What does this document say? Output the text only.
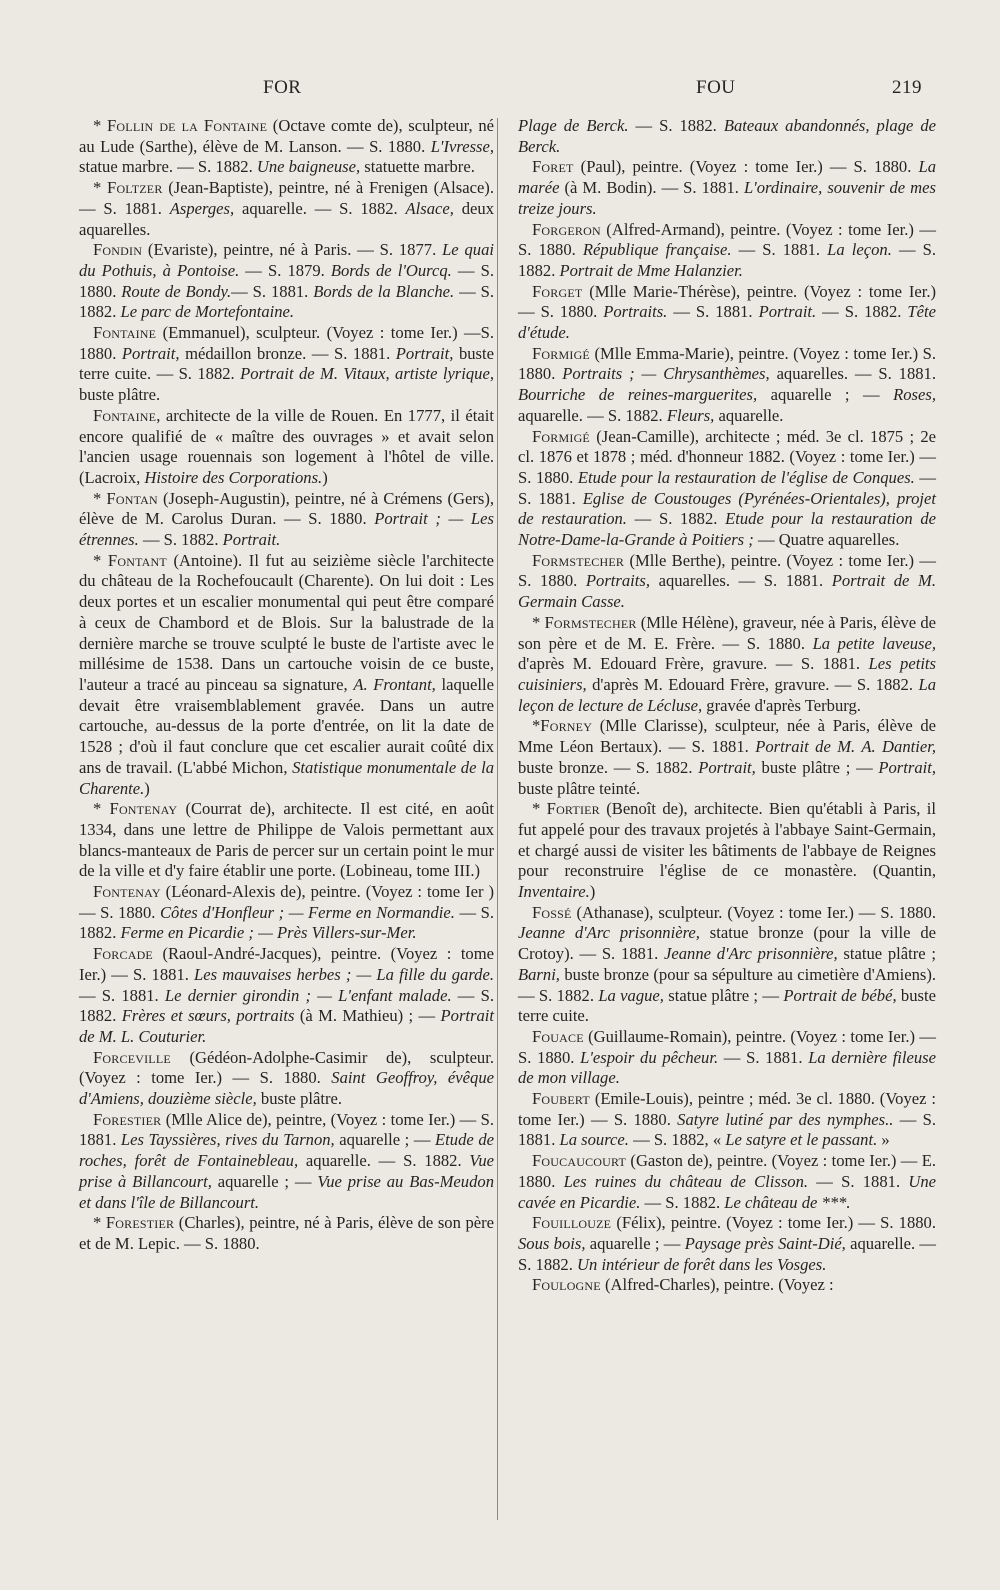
FOR	FOU	219

* Follin de la Fontaine (Octave comte de), sculpteur, né au Lude (Sarthe), élève de M. Lanson. — S. 1880. L'Ivresse, statue marbre. — S. 1882. Une baigneuse, statuette marbre.

* Foltzer (Jean-Baptiste), peintre, né à Frenigen (Alsace). — S. 1881. Asperges, aquarelle. — S. 1882. Alsace, deux aquarelles.

Fondin (Evariste), peintre, né à Paris. — S. 1877. Le quai du Pothuis, à Pontoise. — S. 1879. Bords de l'Ourcq. — S. 1880. Route de Bondy.— S. 1881. Bords de la Blanche. — S. 1882. Le parc de Mortefontaine.

Fontaine (Emmanuel), sculpteur. (Voyez : tome Ier.) —S. 1880. Portrait, médaillon bronze. — S. 1881. Portrait, buste terre cuite. — S. 1882. Portrait de M. Vitaux, artiste lyrique, buste plâtre.

Fontaine, architecte de la ville de Rouen. En 1777, il était encore qualifié de « maître des ouvrages » et avait selon l'ancien usage rouennais son logement à l'hôtel de ville. (Lacroix, Histoire des Corporations.)

* Fontan (Joseph-Augustin), peintre, né à Crémens (Gers), élève de M. Carolus Duran. — S. 1880. Portrait ; — Les étrennes. — S. 1882. Portrait.

* Fontant (Antoine). Il fut au seizième siècle l'architecte du château de la Rochefoucault (Charente). On lui doit : Les deux portes et un escalier monumental qui peut être comparé à ceux de Chambord et de Blois. Sur la balustrade de la dernière marche se trouve sculpté le buste de l'artiste avec le millésime de 1538. Dans un cartouche voisin de ce buste, l'auteur a tracé au pinceau sa signature, A. Frontant, laquelle devait être vraisemblablement gravée. Dans un autre cartouche, au-dessus de la porte d'entrée, on lit la date de 1528 ; d'où il faut conclure que cet escalier aurait coûté dix ans de travail. (L'abbé Michon, Statistique monumentale de la Charente.)

* Fontenay (Courrat de), architecte. Il est cité, en août 1334, dans une lettre de Philippe de Valois permettant aux blancs-manteaux de Paris de percer sur un certain point le mur de la ville et d'y faire établir une porte. (Lobineau, tome III.)

Fontenay (Léonard-Alexis de), peintre. (Voyez : tome Ier ) — S. 1880. Côtes d'Honfleur ; — Ferme en Normandie. — S. 1882. Ferme en Picardie ; — Près Villers-sur-Mer.

Forcade (Raoul-André-Jacques), peintre. (Voyez : tome Ier.) — S. 1881. Les mauvaises herbes ; — La fille du garde. — S. 1881. Le dernier girondin ; — L'enfant malade. — S. 1882. Frères et sœurs, portraits (à M. Mathieu) ; — Portrait de M. L. Couturier.

Forceville (Gédéon-Adolphe-Casimir de), sculpteur. (Voyez : tome Ier.) — S. 1880. Saint Geoffroy, évêque d'Amiens, douzième siècle, buste plâtre.

Forestier (Mlle Alice de), peintre, (Voyez : tome Ier.) — S. 1881. Les Tayssières, rives du Tarnon, aquarelle ; — Etude de roches, forêt de Fontainebleau, aquarelle. — S. 1882. Vue prise à Billancourt, aquarelle ; — Vue prise au Bas-Meudon et dans l'île de Billancourt.

* Forestier (Charles), peintre, né à Paris, élève de son père et de M. Lepic. — S. 1880.

Plage de Berck. — S. 1882. Bateaux abandonnés, plage de Berck.

Foret (Paul), peintre. (Voyez : tome Ier.) — S. 1880. La marée (à M. Bodin). — S. 1881. L'ordinaire, souvenir de mes treize jours.

Forgeron (Alfred-Armand), peintre. (Voyez : tome Ier.) — S. 1880. République française. — S. 1881. La leçon. — S. 1882. Portrait de Mme Halanzier.

Forget (Mlle Marie-Thérèse), peintre. (Voyez : tome Ier.) — S. 1880. Portraits. — S. 1881. Portrait. — S. 1882. Tête d'étude.

Formigé (Mlle Emma-Marie), peintre. (Voyez : tome Ier.) S. 1880. Portraits ; — Chrysanthèmes, aquarelles. — S. 1881. Bourriche de reines-marguerites, aquarelle ; — Roses, aquarelle. — S. 1882. Fleurs, aquarelle.

Formigé (Jean-Camille), architecte ; méd. 3e cl. 1875 ; 2e cl. 1876 et 1878 ; méd. d'honneur 1882. (Voyez : tome Ier.) — S. 1880. Etude pour la restauration de l'église de Conques. — S. 1881. Eglise de Coustouges (Pyrénées-Orientales), projet de restauration. — S. 1882. Etude pour la restauration de Notre-Dame-la-Grande à Poitiers ; — Quatre aquarelles.

Formstecher (Mlle Berthe), peintre. (Voyez : tome Ier.) — S. 1880. Portraits, aquarelles. — S. 1881. Portrait de M. Germain Casse.

* Formstecher (Mlle Hélène), graveur, née à Paris, élève de son père et de M. E. Frère. — S. 1880. La petite laveuse, d'après M. Edouard Frère, gravure. — S. 1881. Les petits cuisiniers, d'après M. Edouard Frère, gravure. — S. 1882. La leçon de lecture de Lécluse, gravée d'après Terburg.

*Forney (Mlle Clarisse), sculpteur, née à Paris, élève de Mme Léon Bertaux). — S. 1881. Portrait de M. A. Dantier, buste bronze. — S. 1882. Portrait, buste plâtre ; — Portrait, buste plâtre teinté.

* Fortier (Benoît de), architecte. Bien qu'établi à Paris, il fut appelé pour des travaux projetés à l'abbaye Saint-Germain, et chargé aussi de visiter les bâtiments de l'abbaye de Reignes pour reconstruire l'église de ce monastère. (Quantin, Inventaire.)

Fossé (Athanase), sculpteur. (Voyez : tome Ier.) — S. 1880. Jeanne d'Arc prisonnière, statue bronze (pour la ville de Crotoy). — S. 1881. Jeanne d'Arc prisonnière, statue plâtre ; Barni, buste bronze (pour sa sépulture au cimetière d'Amiens). — S. 1882. La vague, statue plâtre ; — Portrait de bébé, buste terre cuite.

Fouace (Guillaume-Romain), peintre. (Voyez : tome Ier.) — S. 1880. L'espoir du pêcheur. — S. 1881. La dernière fileuse de mon village.

Foubert (Emile-Louis), peintre ; méd. 3e cl. 1880. (Voyez : tome Ier.) — S. 1880. Satyre lutiné par des nymphes.. — S. 1881. La source. — S. 1882, « Le satyre et le passant. »

Foucaucourt (Gaston de), peintre. (Voyez : tome Ier.) — E. 1880. Les ruines du château de Clisson. — S. 1881. Une cavée en Picardie. — S. 1882. Le château de ***.

Fouillouze (Félix), peintre. (Voyez : tome Ier.) — S. 1880. Sous bois, aquarelle ; — Paysage près Saint-Dié, aquarelle. — S. 1882. Un intérieur de forêt dans les Vosges.

Foulogne (Alfred-Charles), peintre. (Voyez :
